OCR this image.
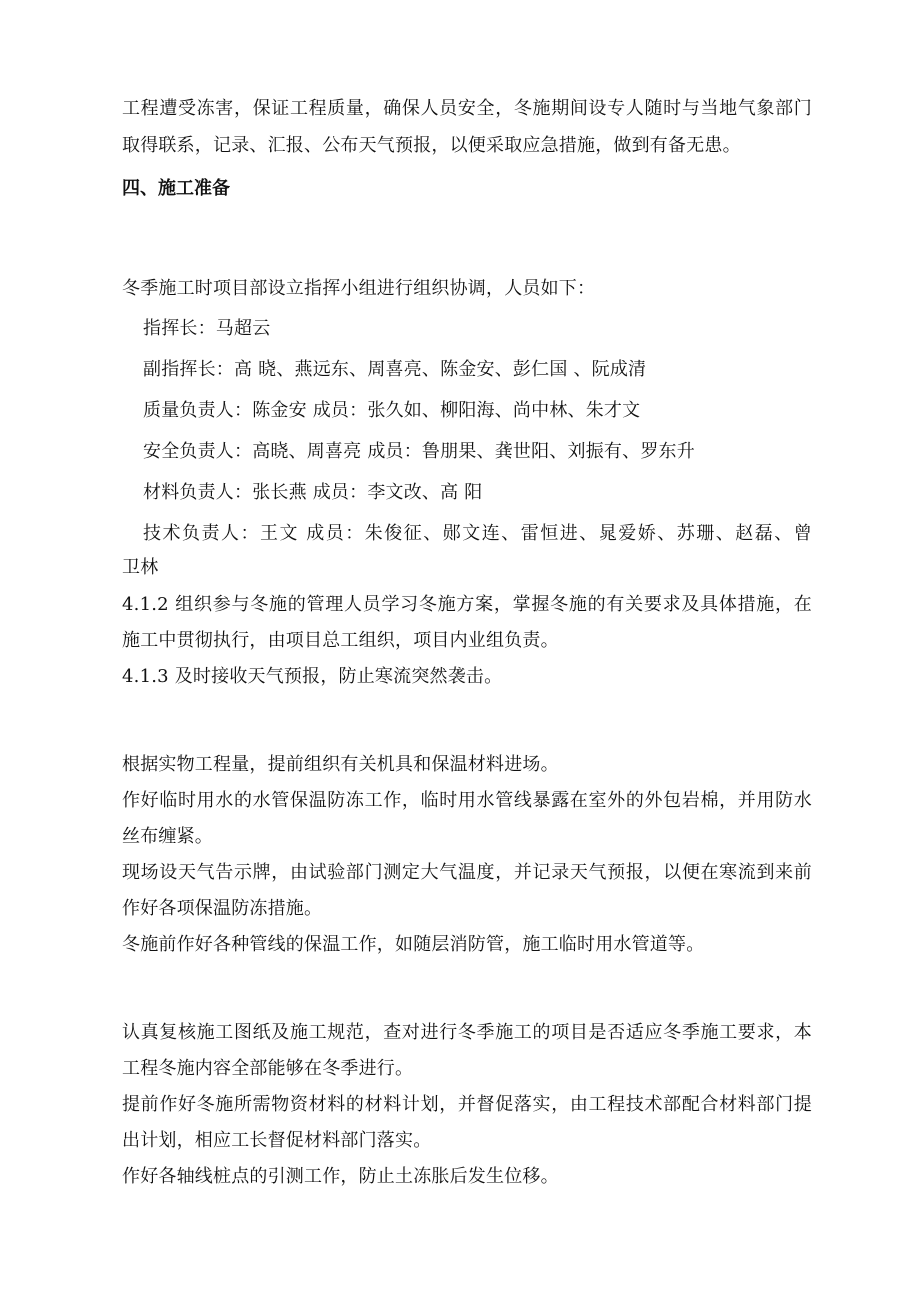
工程遭受冻害，保证工程质量，确保人员安全，冬施期间设专人随时与当地气象部门
取得联系，记录、汇报、公布天气预报，以便采取应急措施，做到有备无患。
四、施工准备
冬季施工时项目部设立指挥小组进行组织协调，人员如下：
指挥长：马超云
副指挥长：高 晓、燕远东、周喜亮、陈金安、彭仁国 、阮成清
质量负责人：陈金安 成员：张久如、柳阳海、尚中林、朱才文
安全负责人：高晓、周喜亮 成员：鲁朋果、龚世阳、刘振有、罗东升
材料负责人：张长燕 成员：李文改、高 阳
技术负责人：王文 成员：朱俊征、郧文连、雷恒进、晁爱娇、苏珊、赵磊、曾
卫林
4.1.2 组织参与冬施的管理人员学习冬施方案，掌握冬施的有关要求及具体措施，在
施工中贯彻执行，由项目总工组织，项目内业组负责。
4.1.3 及时接收天气预报，防止寒流突然袭击。
根据实物工程量，提前组织有关机具和保温材料进场。
作好临时用水的水管保温防冻工作，临时用水管线暴露在室外的外包岩棉，并用防水
丝布缠紧。
现场设天气告示牌，由试验部门测定大气温度，并记录天气预报，以便在寒流到来前
作好各项保温防冻措施。
冬施前作好各种管线的保温工作，如随层消防管，施工临时用水管道等。
认真复核施工图纸及施工规范，查对进行冬季施工的项目是否适应冬季施工要求，本
工程冬施内容全部能够在冬季进行。
提前作好冬施所需物资材料的材料计划，并督促落实，由工程技术部配合材料部门提
出计划，相应工长督促材料部门落实。
作好各轴线桩点的引测工作，防止土冻胀后发生位移。
